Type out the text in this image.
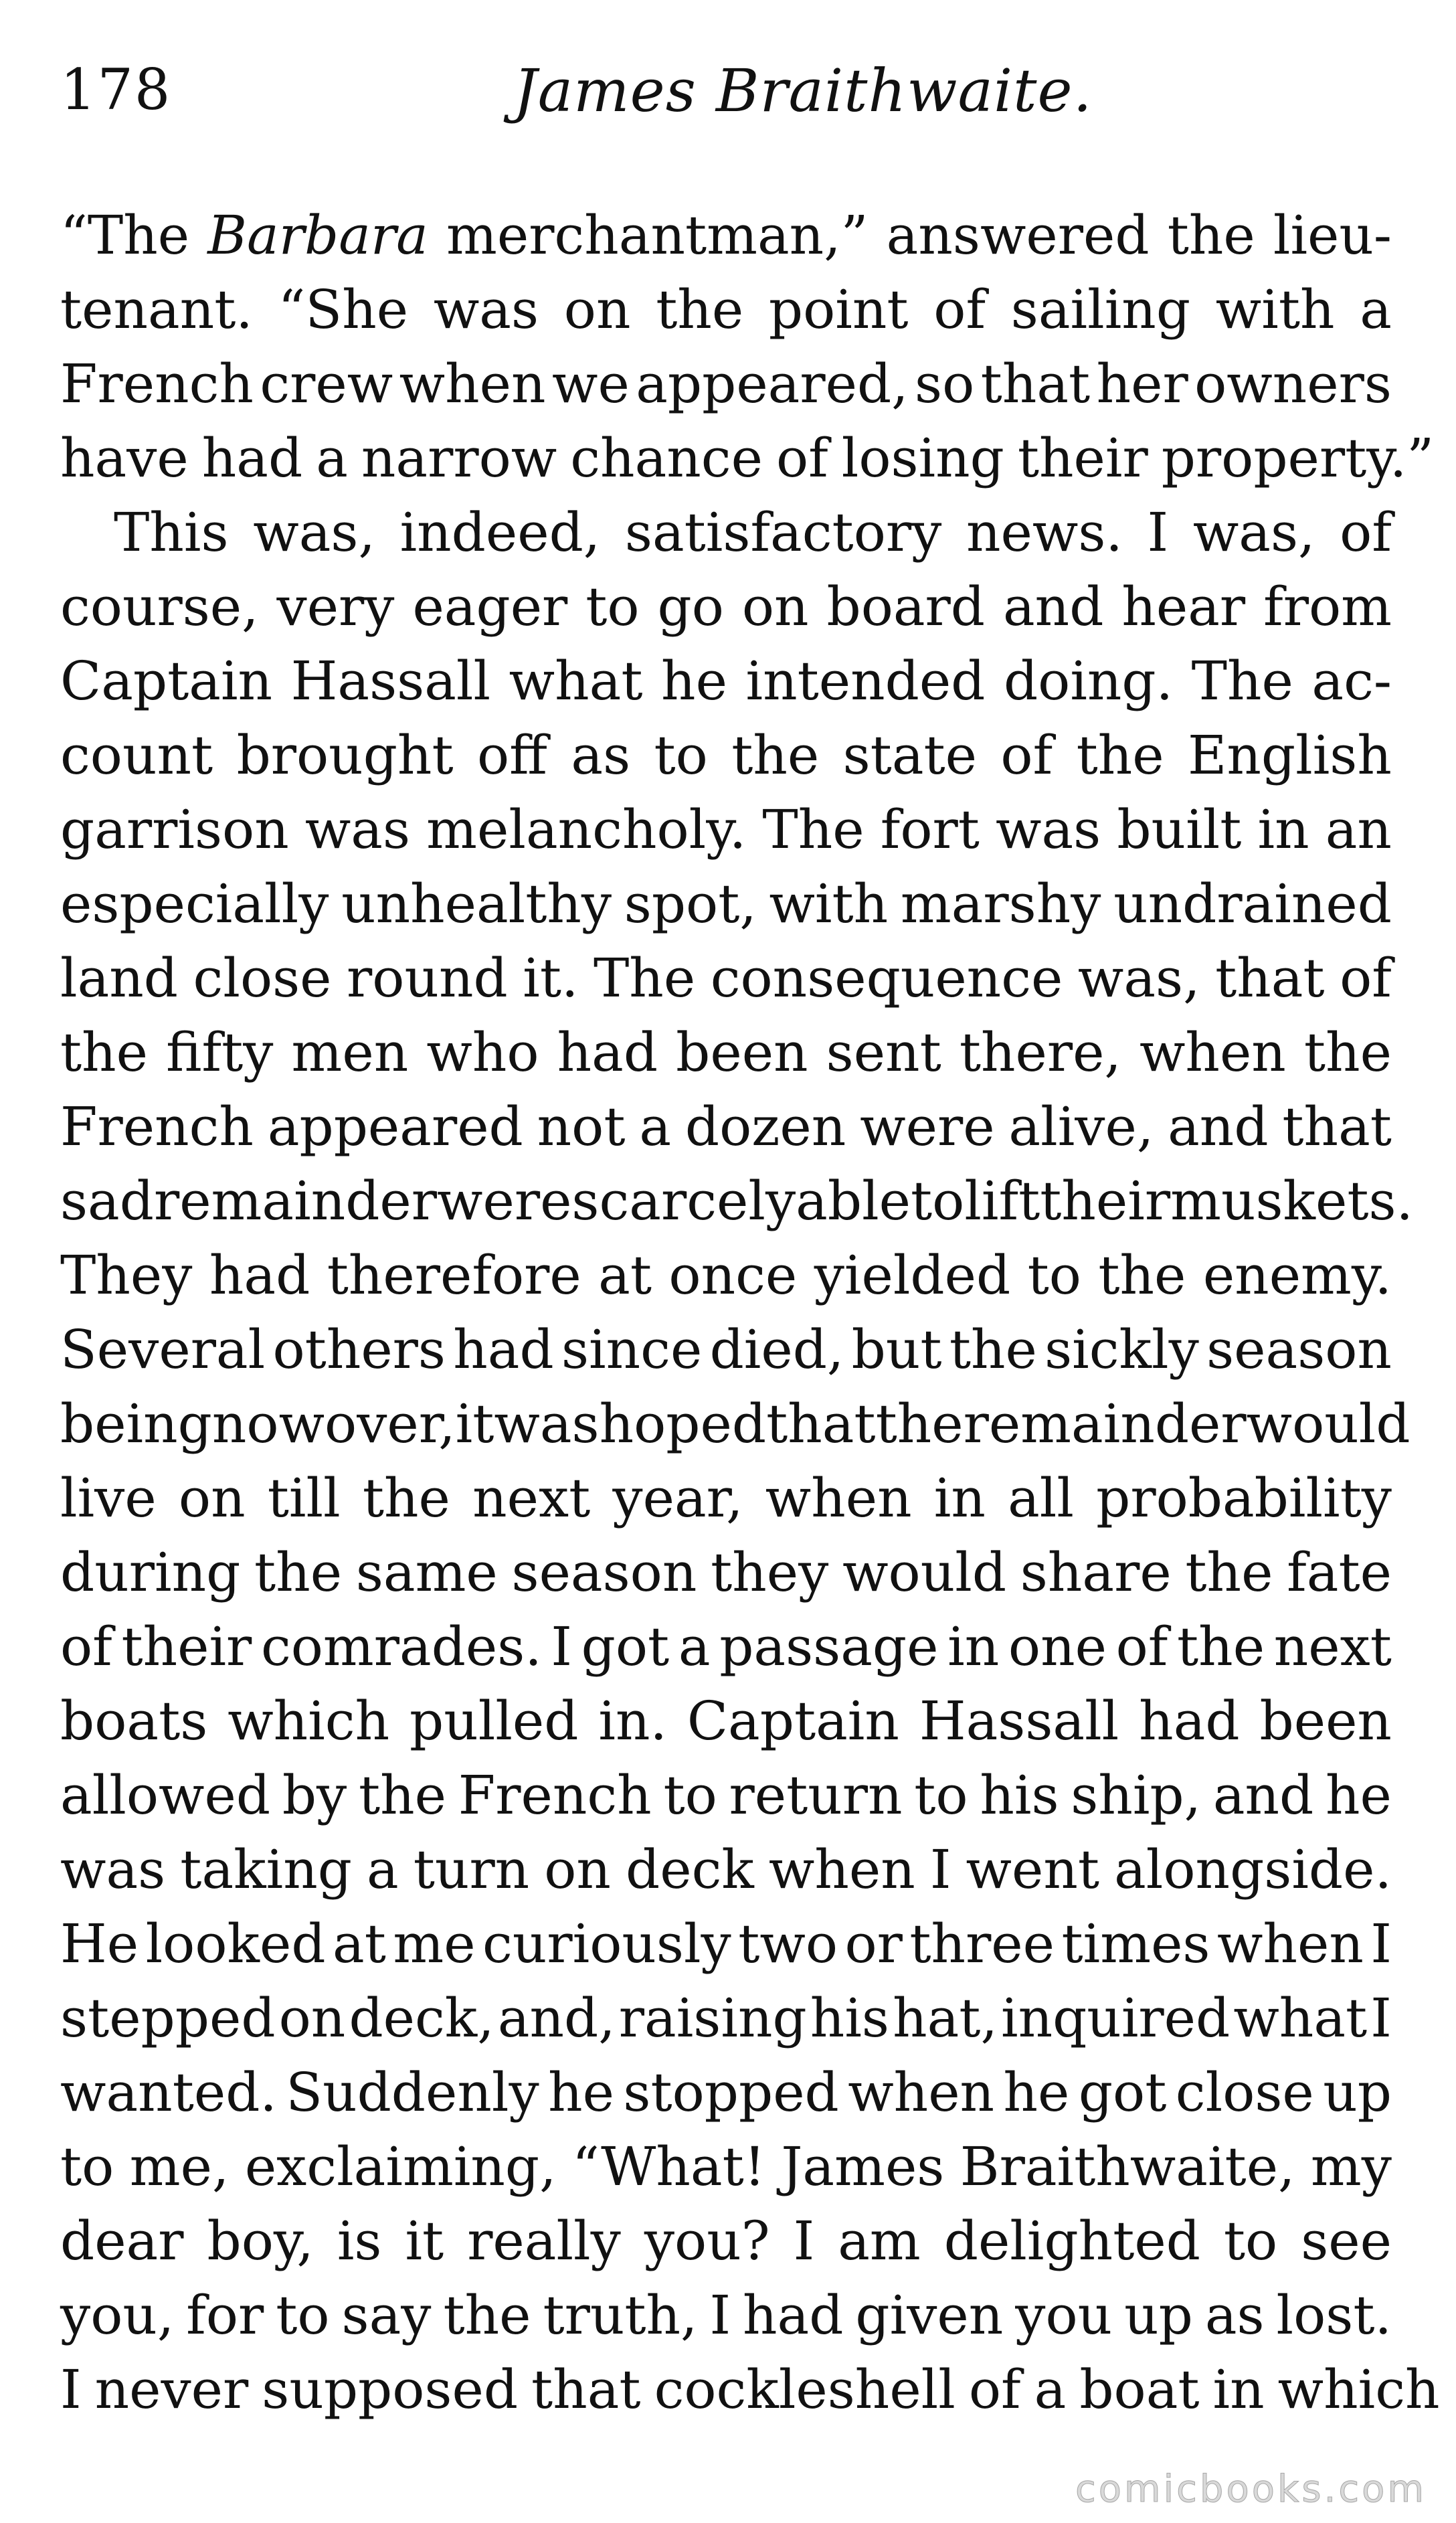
178	James Braithwaite.
“The Barbara merchantman,” answered the lieu-
tenant. “She was on the point of sailing with a
French crew when we appeared, so that her owners
have had a narrow chance of losing their property.”
This was, indeed, satisfactory news. I was, of
course, very eager to go on board and hear from
Captain Hassall what he intended doing. The ac-
count brought off as to the state of the English
garrison was melancholy. The fort was built in an
especially unhealthy spot, with marshy undrained
land close round it. The consequence was, that of
the fifty men who had been sent there, when the
French appeared not a dozen were alive, and that
sad remainder were scarcely able to lift their muskets.
They had therefore at once yielded to the enemy.
Several others had since died, but the sickly season
being now over, it was hoped that the remainder would
live on till the next year, when in all probability
during the same season they would share the fate
of their comrades. I got a passage in one of the next
boats which pulled in. Captain Hassall had been
allowed by the French to return to his ship, and he
was taking a turn on deck when I went alongside.
He looked at me curiously two or three times when I
stepped on deck, and, raising his hat, inquired what I
wanted. Suddenly he stopped when he got close up
to me, exclaiming, “What! James Braithwaite, my
dear boy, is it really you? I am delighted to see
you, for to say the truth, I had given you up as lost.
I never supposed that cockleshell of a boat in which
comicbooks.com
